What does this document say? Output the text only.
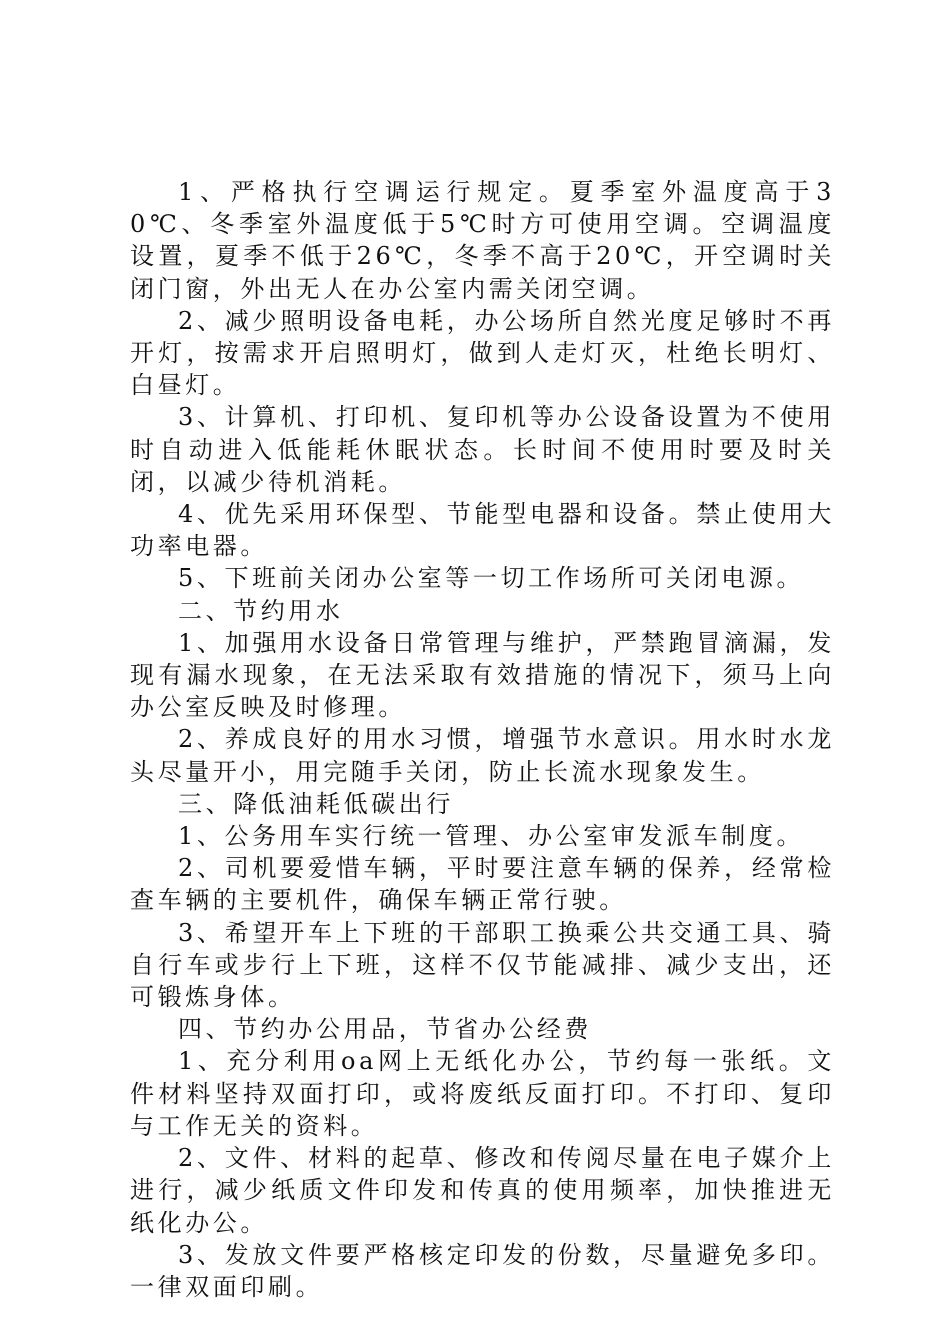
1、严格执行空调运行规定。夏季室外温度高于30℃、冬季室外温度低于5℃时方可使用空调。空调温度设置，夏季不低于26℃，冬季不高于20℃，开空调时关闭门窗，外出无人在办公室内需关闭空调。

2、减少照明设备电耗，办公场所自然光度足够时不再开灯，按需求开启照明灯，做到人走灯灭，杜绝长明灯、白昼灯。

3、计算机、打印机、复印机等办公设备设置为不使用时自动进入低能耗休眠状态。长时间不使用时要及时关闭，以减少待机消耗。

4、优先采用环保型、节能型电器和设备。禁止使用大功率电器。

5、下班前关闭办公室等一切工作场所可关闭电源。

二、节约用水

1、加强用水设备日常管理与维护，严禁跑冒滴漏，发现有漏水现象，在无法采取有效措施的情况下，须马上向办公室反映及时修理。

2、养成良好的用水习惯，增强节水意识。用水时水龙头尽量开小，用完随手关闭，防止长流水现象发生。

三、降低油耗低碳出行

1、公务用车实行统一管理、办公室审发派车制度。

2、司机要爱惜车辆，平时要注意车辆的保养，经常检查车辆的主要机件，确保车辆正常行驶。

3、希望开车上下班的干部职工换乘公共交通工具、骑自行车或步行上下班，这样不仅节能减排、减少支出，还可锻炼身体。

四、节约办公用品，节省办公经费

1、充分利用oa网上无纸化办公，节约每一张纸。文件材料坚持双面打印，或将废纸反面打印。不打印、复印与工作无关的资料。

2、文件、材料的起草、修改和传阅尽量在电子媒介上进行，减少纸质文件印发和传真的使用频率，加快推进无纸化办公。

3、发放文件要严格核定印发的份数，尽量避免多印。一律双面印刷。
